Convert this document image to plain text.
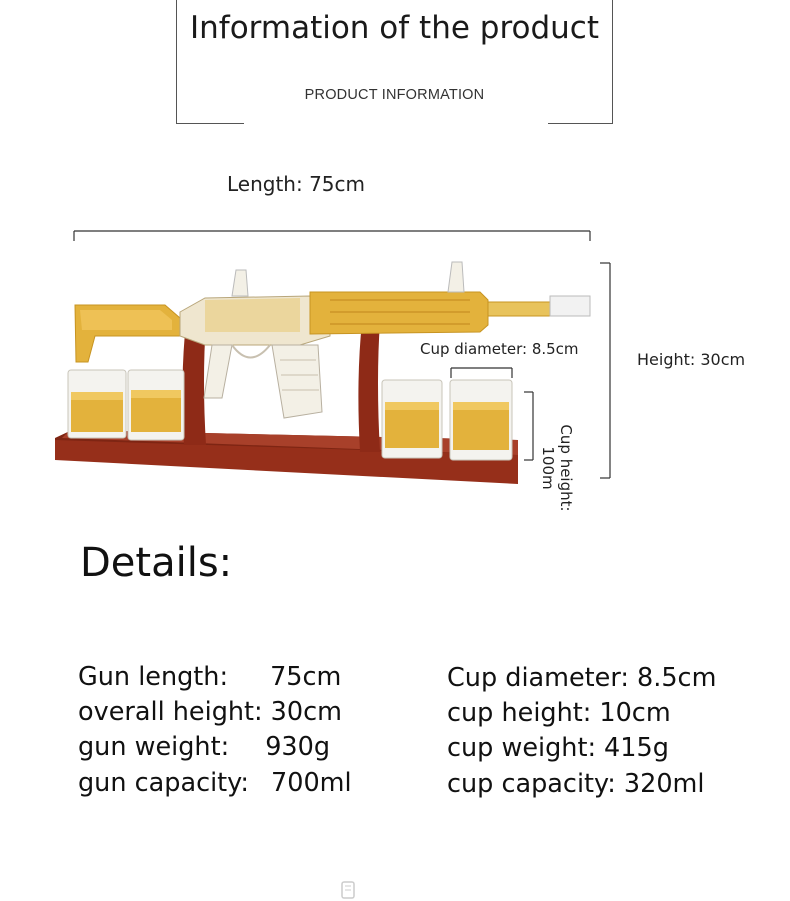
Information of the product
PRODUCT INFORMATION
Length: 75cm
Cup diameter: 8.5cm
Height: 30cm
Cup height: 100m
Details:
Gun length: 75cm
overall height: 30cm
gun weight: 930g
gun capacity: 700ml
Cup diameter: 8.5cm
cup height: 10cm
cup weight: 415g
cup capacity: 320ml
